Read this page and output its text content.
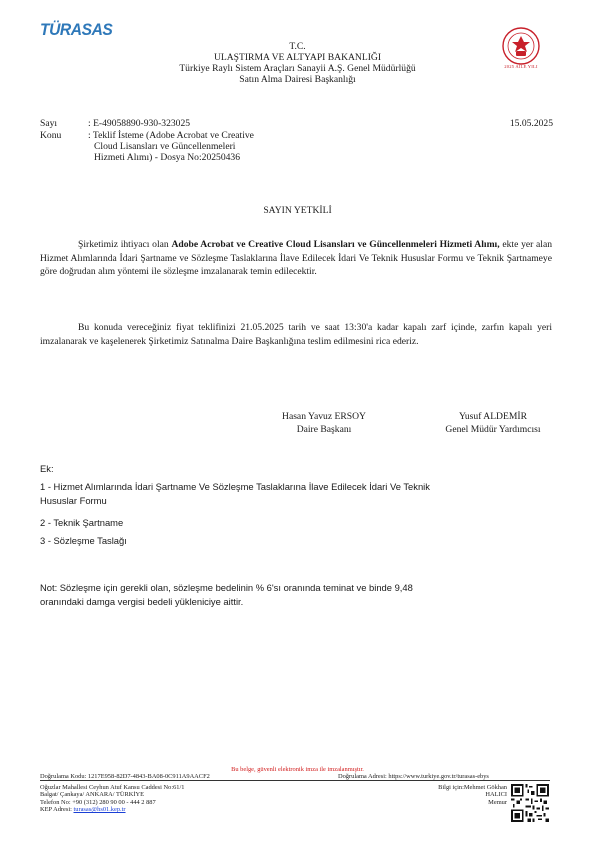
TÜRASAS
T.C.
ULAŞTIRMA VE ALTYAPI BAKANLIĞI
Türkiye Raylı Sistem Araçları Sanayii A.Ş. Genel Müdürlüğü
Satın Alma Dairesi Başkanlığı
2025 AİLE YILI
Sayı	: E-49058890-930-323025
Konu	: Teklif İsteme (Adobe Acrobat ve Creative
Cloud Lisansları ve Güncellenmeleri
Hizmeti Alımı) - Dosya No:20250436
15.05.2025
SAYIN YETKİLİ
Şirketimiz ihtiyacı olan Adobe Acrobat ve Creative Cloud Lisansları ve Güncellenmeleri Hizmeti Alımı, ekte yer alan Hizmet Alımlarında İdari Şartname ve Sözleşme Taslaklarına İlave Edilecek İdari Ve Teknik Hususlar Formu ve Teknik Şartnameye göre doğrudan alım yöntemi ile sözleşme imzalanarak temin edilecektir.
Bu konuda vereceğiniz fiyat teklifinizi 21.05.2025 tarih ve saat 13:30'a kadar kapalı zarf içinde, zarfın kapalı yeri imzalanarak ve kaşelenerek Şirketimiz Satınalma Daire Başkanlığına teslim edilmesini rica ederiz.
Hasan Yavuz ERSOY
Daire Başkanı
Yusuf ALDEMİR
Genel Müdür Yardımcısı
Ek:
1 - Hizmet Alımlarında İdari Şartname Ve Sözleşme Taslaklarına İlave Edilecek İdari Ve Teknik
Hususlar Formu
2 - Teknik Şartname
3 - Sözleşme Taslağı
Not: Sözleşme için gerekli olan, sözleşme bedelinin % 6'sı oranında teminat ve binde 9,48
oranındaki damga vergisi bedeli yükleniciye aittir.
Bu belge, güvenli elektronik imza ile imzalanmıştır.
Doğrulama Kodu: 1217E958-82D7-4843-BA08-0C911A9AACF2	Doğrulama Adresi: https://www.turkiye.gov.tr/turasas-ebys
Oğuzlar Mahallesi Ceyhun Atuf Kansu Caddesi No:61/1
Balgat/ Çankaya/ ANKARA/ TÜRKİYE
Telefon No: +90 (312) 280 90 00 - 444 2 887
KEP Adresi: turasas@hs01.kep.tr
Bilgi için:Mehmet Gökhan
HALICI
Memur
